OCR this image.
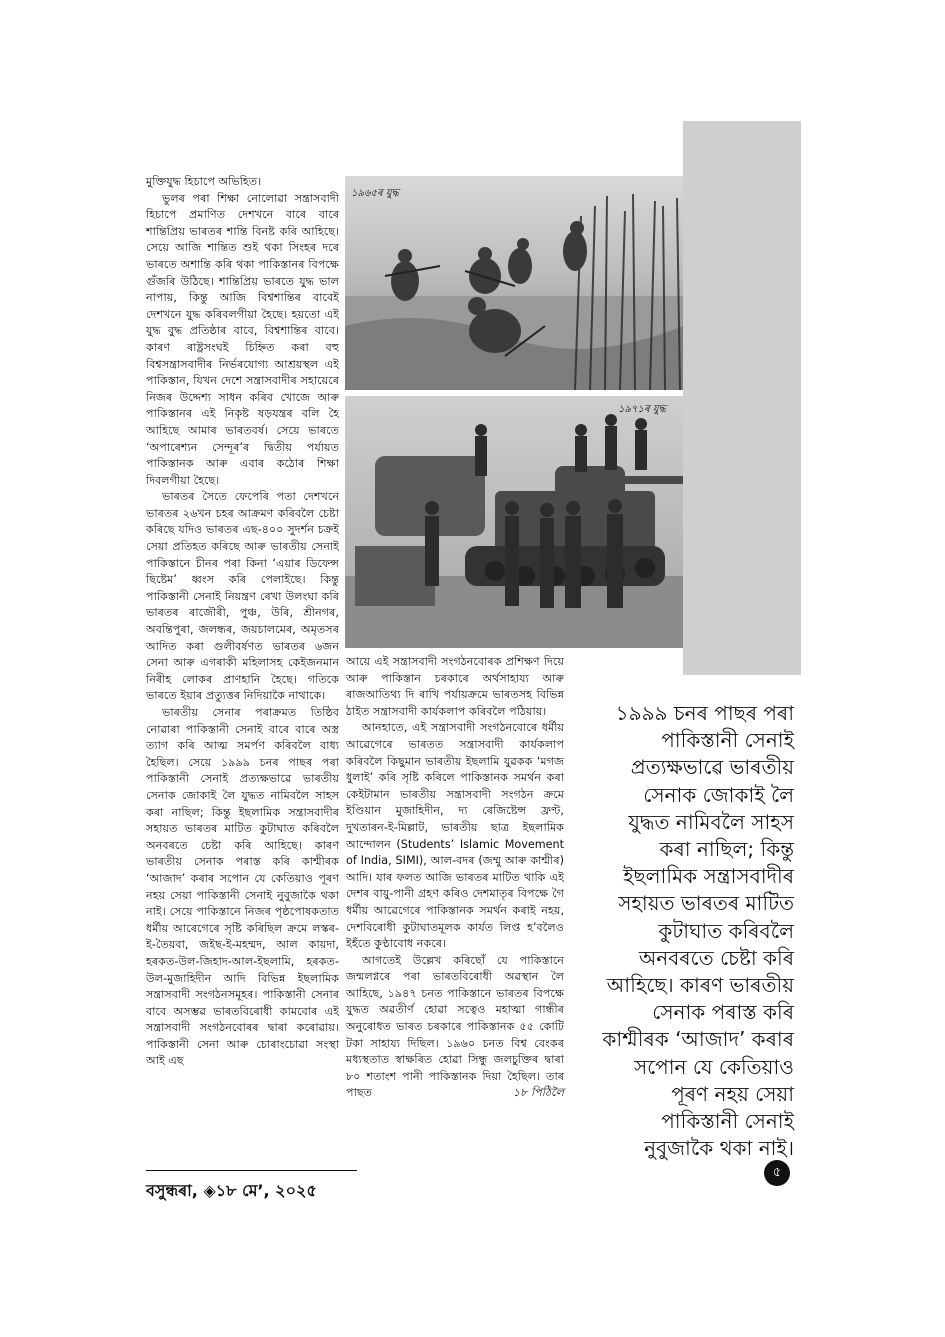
১৯৬৫ৰ যুদ্ধ
১৯৭১ৰ যুদ্ধ

মুক্তিযুদ্ধ হিচাপে অভিহিত।

ভুলৰ পৰা শিক্ষা নোলোৱা সন্ত্ৰাসবাদী হিচাপে প্ৰমাণিত দেশখনে বাৰে বাৰে শান্তিপ্ৰিয় ভাৰতৰ শান্তি বিনষ্ট কৰি আহিছে। সেয়ে আজি শান্তিত শুই থকা সিংহৰ দৰে ভাৰতে অশান্তি কৰি থকা পাকিস্তানৰ বিপক্ষে গুঁজৰি উঠিছে। শান্তিপ্ৰিয় ভাৰতে যুদ্ধ ভাল নাপায়, কিন্তু আজি বিশ্বশান্তিৰ বাবেই দেশখনে যুদ্ধ কৰিবলগীয়া হৈছে। হয়তো এই যুদ্ধ বুদ্ধ প্ৰতিষ্ঠাৰ বাবে, বিশ্বশান্তিৰ বাবে। কাৰণ ৰাষ্ট্ৰসংঘই চিহ্নিত কৰা বহু বিশ্বসন্ত্ৰাসবাদীৰ নিৰ্ভৰযোগ্য আশ্ৰয়স্থল এই পাকিস্তান, যিখন দেশে সন্ত্ৰাসবাদীৰ সহায়েৰে নিজৰ উদ্দেশ্য সাধন কৰিব খোজে আৰু পাকিস্তানৰ এই নিকৃষ্ট ষড়যন্ত্ৰৰ বলি হৈ আহিছে আমাৰ ভাৰতবৰ্ষ। সেয়ে ভাৰতে ‘অপাৰেশ্যন সেন্দূৰ’ৰ দ্বিতীয় পৰ্যায়ত পাকিস্তানক আৰু এবাৰ কঠোৰ শিক্ষা দিবলগীয়া হৈছে।

ভাৰতৰ সৈতে ফেপেৰি পতা দেশখনে ভাৰতৰ ২৬খন চহৰ আক্ৰমণ কৰিবলৈ চেষ্টা কৰিছে যদিও ভাৰতৰ এছ-৪০০ সুদৰ্শন চক্ৰই সেয়া প্ৰতিহত কৰিছে আৰু ভাৰতীয় সেনাই পাকিস্তানে চীনৰ পৰা কিনা ‘এয়াৰ ডিফেন্স ছিষ্টেম’ ধ্বংস কৰি পেলাইছে। কিন্তু পাকিস্তানী সেনাই নিয়ন্ত্ৰণ ৰেখা উলংঘা কৰি ভাৰতৰ ৰাজৌৰী, পুঞ্চ, উৰি, শ্ৰীনগৰ, অবন্তিপুৰা, জলন্ধৰ, জয়চালমেৰ, অমৃতসৰ আদিত কৰা গুলীবৰ্ষণত ভাৰতৰ ৬জন সেনা আৰু এগৰাকী মহিলাসহ কেইজনমান নিৰীহ লোকৰ প্ৰাণহানি হৈছে। গতিকে ভাৰতে ইয়াৰ প্ৰত্যুত্তৰ নিদিয়াকৈ নাথাকে।

ভাৰতীয় সেনাৰ পৰাক্ৰমত তিষ্ঠিব নোৱাৰা পাকিস্তানী সেনাই বাৰে বাৰে অস্ত্ৰ ত্যাগ কৰি আত্ম সমৰ্পণ কৰিবলৈ বাধ্য হৈছিল। সেয়ে ১৯৯৯ চনৰ পাছৰ পৰা পাকিস্তানী সেনাই প্ৰত্যক্ষভাৱে ভাৰতীয় সেনাক জোকাই লৈ যুদ্ধত নামিবলৈ সাহস কৰা নাছিল; কিন্তু ইছলামিক সন্ত্ৰাসবাদীৰ সহায়ত ভাৰতৰ মাটিত কুটাঘাত কৰিবলৈ অনবৰতে চেষ্টা কৰি আহিছে। কাৰণ ভাৰতীয় সেনাক পৰাস্ত কৰি কাশ্মীৰক ‘আজাদ’ কৰাৰ সপোন যে কেতিয়াও পূৰণ নহয় সেয়া পাকিস্তানী সেনাই নুবুজাকৈ থকা নাই। সেয়ে পাকিস্তানে নিজৰ পৃষ্ঠপোষকতাত ধৰ্মীয় আৰেগেৰে সৃষ্টি কৰিছিল ক্ৰমে লস্কৰ-ই-তৈয়বা, জইছ-ই-মহম্মদ, আল কায়দা, হৰকত-উল-জিহাদ-আল-ইছলামি, হৰকত-উল-মুজাহিদীন আদি বিভিন্ন ইছলামিক সন্ত্ৰাসবাদী সংগঠনসমূহৰ। পাকিস্তানী সেনাৰ বাবে অসম্ভৱ ভাৰতবিৰোধী কামবোৰ এই সন্ত্ৰাসবাদী সংগঠনবোৰৰ দ্বাৰা কৰোৱায়। পাকিস্তানী সেনা আৰু চোৰাংচোৱা সংস্থা আই এছ

আয়ে এই সন্ত্ৰাসবাদী সংগঠনবোৰক প্ৰশিক্ষণ দিয়ে আৰু পাকিস্তান চৰকাৰে অৰ্থসাহায্য আৰু ৰাজআতিথ্য দি ৰাখি পৰ্যায়ক্ৰমে ভাৰতসহ বিভিন্ন ঠাইত সন্ত্ৰাসবাদী কাৰ্যকলাপ কৰিবলৈ পঠিয়ায়।

আনহাতে, এই সন্ত্ৰাসবাদী সংগঠনবোৰে ধৰ্মীয় আৱেগেৰে ভাৰতত সন্ত্ৰাসবাদী কাৰ্যকলাপ কৰিবলৈ কিছুমান ভাৰতীয় ইছলামি যুৱকক ‘মগজ ধুলাই’ কৰি সৃষ্টি কৰিলে পাকিস্তানক সমৰ্থন কৰা কেইটামান ভাৰতীয় সন্ত্ৰাসবাদী সংগঠন ক্ৰমে ইণ্ডিয়ান মুজাহিদীন, দ্য ৰেজিষ্টেন্স ফ্ৰণ্ট, দুখতাৰন-ই-মিল্লাট, ভাৰতীয় ছাত্ৰ ইছলামিক আন্দোলন (Students’ Islamic Movement of India, SIMI), আল-বদৰ (জম্মু আৰু কাশ্মীৰ) আদি। যাৰ ফলত আজি ভাৰতৰ মাটিত থাকি এই দেশৰ বায়ু-পানী গ্ৰহণ কৰিও দেশমাতৃৰ বিপক্ষে গৈ ধৰ্মীয় আৱেগেৰে পাকিস্তানক সমৰ্থন কৰাই নহয়, দেশবিৰোধী কুটাঘাতমূলক কাৰ্যত লিপ্ত হ’বলৈও ইহঁতে কুণ্ঠাবোধ নকৰে।

আগতেই উল্লেখ কৰিছোঁ যে পাকিস্তানে জন্মলগ্নৰে পৰা ভাৰতবিৰোধী অৱস্থান লৈ আহিছে, ১৯৪৭ চনত পাকিস্তানে ভাৰতৰ বিপক্ষে যুদ্ধত অৱতীৰ্ণ হোৱা সত্বেও মহাত্মা গান্ধীৰ অনুৰোধত ভাৰত চৰকাৰে পাকিস্তানক ৫৫ কোটি টকা সাহায্য দিছিল। ১৯৬০ চনত বিশ্ব বেংকৰ মধ্যস্থতাত স্বাক্ষৰিত হোৱা সিন্ধু জলচুক্তিৰ দ্বাৰা ৮০ শতাংশ পানী পাকিস্তানক দিয়া হৈছিল। তাৰ পাছত	১৮ পিঠিলৈ
১৯৯৯ চনৰ পাছৰ পৰা
পাকিস্তানী সেনাই
প্ৰত্যক্ষভাৱে ভাৰতীয়
সেনাক জোকাই লৈ
যুদ্ধত নামিবলৈ সাহস
কৰা নাছিল; কিন্তু
ইছলামিক সন্ত্ৰাসবাদীৰ
সহায়ত ভাৰতৰ মাটিত
কুটাঘাত কৰিবলৈ
অনবৰতে চেষ্টা কৰি
আহিছে। কাৰণ ভাৰতীয়
সেনাক পৰাস্ত কৰি
কাশ্মীৰক ‘আজাদ’ কৰাৰ
সপোন যে কেতিয়াও
পূৰণ নহয় সেয়া
পাকিস্তানী সেনাই
নুবুজাকৈ থকা নাই।
বসুন্ধৰা, ◈১৮ মে’, ২০২৫
৫
